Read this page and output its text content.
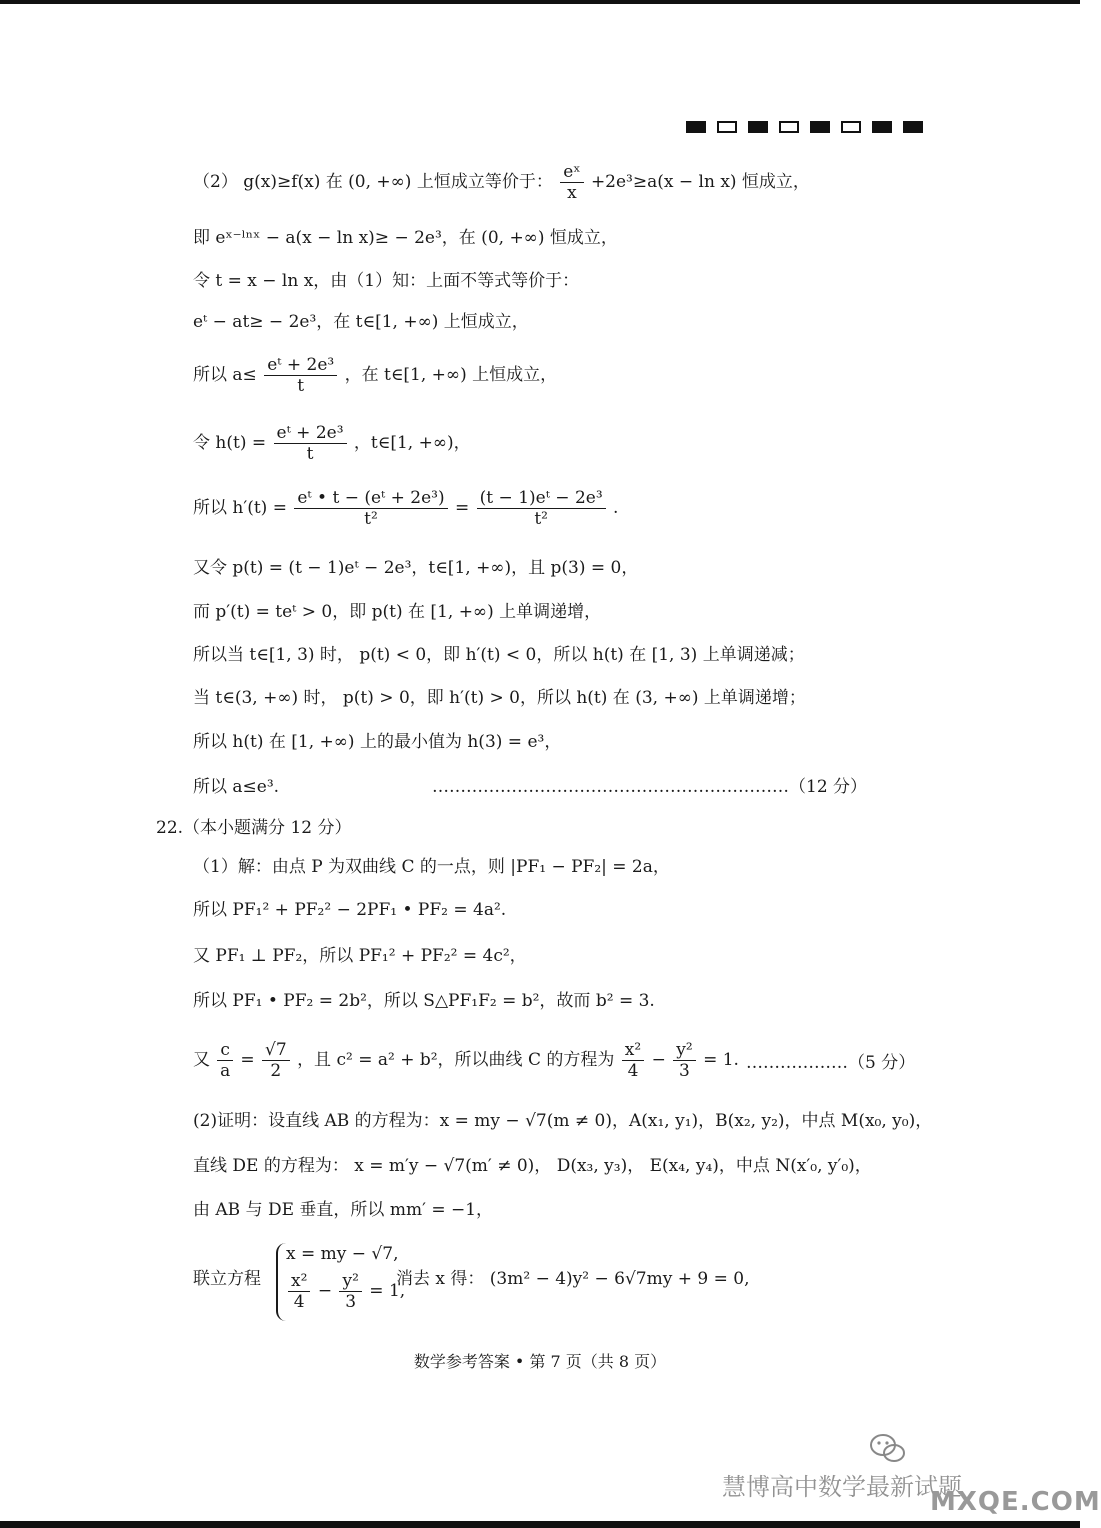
（2） g(x)≥f(x) 在 (0, +∞) 上恒成立等价于： $\frac{\text{eˣ}}{x} +2e^3\ge a(x - \ln x)$ 恒成立，
即 eˣ⁻ˡⁿˣ − a(x − ln x)≥ − 2e³，在 (0, +∞) 恒成立，
令 t = x − ln x，由（1）知：上面不等式等价于：
eᵗ − at≥ − 2e³，在 t∈[1, +∞) 上恒成立，
所以 $a\le \frac{\text{eᵗ + 2e³}}{t}$ ，在 t∈[1, +∞) 上恒成立，
令 $h(t) = \frac{\text{eᵗ + 2e³}}{t}$ ，t∈[1, +∞)，
所以 $h'(t) = \frac{\text{eᵗ • t − (eᵗ + 2e³)}}{\text{t²}} = \frac{\text{(t − 1)eᵗ − 2e³}}{\text{t²}}$ .
又令 p(t) = (t − 1)eᵗ − 2e³，t∈[1, +∞)，且 p(3) = 0，
而 p′(t) = teᵗ > 0，即 p(t) 在 [1, +∞) 上单调递增，
所以当 t∈[1, 3) 时， p(t) < 0，即 h′(t) < 0，所以 h(t) 在 [1, 3) 上单调递减；
当 t∈(3, +∞) 时， p(t) > 0，即 h′(t) > 0，所以 h(t) 在 (3, +∞) 上单调递增；
所以 h(t) 在 [1, +∞) 上的最小值为 h(3) = e³，
所以 a≤e³.	………………………………………………………（12 分）
22.（本小题满分 12 分）
（1）解：由点 P 为双曲线 C 的一点，则 |PF₁ − PF₂| = 2a，
所以 PF₁² + PF₂² − 2PF₁ • PF₂ = 4a².
又 PF₁ ⊥ PF₂，所以 PF₁² + PF₂² = 4c²，
所以 PF₁ • PF₂ = 2b²，所以 S△PF₁F₂ = b²，故而 b² = 3.
又 $\frac{c}{a} = \frac{√7}{2}$ ，且 c² = a² + b²，所以曲线 C 的方程为 $\frac{\text{x²}}{4} - \frac{\text{y²}}{3} = 1$. ………………（5 分）
(2)证明：设直线 AB 的方程为：x = my − √7(m ≠ 0)，A(x₁, y₁)，B(x₂, y₂)，中点 M(x₀, y₀)，
直线 DE 的方程为： x = m′y − √7(m′ ≠ 0)， D(x₃, y₃)， E(x₄, y₄)，中点 N(x′₀, y′₀)，
由 AB 与 DE 垂直，所以 mm′ = −1，
联立方程
x = my − √7,
$\frac{\text{x²}}{4} - \frac{\text{y²}}{3} = 1$,
消去 x 得： (3m² − 4)y² − 6√7my + 9 = 0,
数学参考答案 • 第 7 页（共 8 页）
慧博高中数学最新试题
MXQE.COM
